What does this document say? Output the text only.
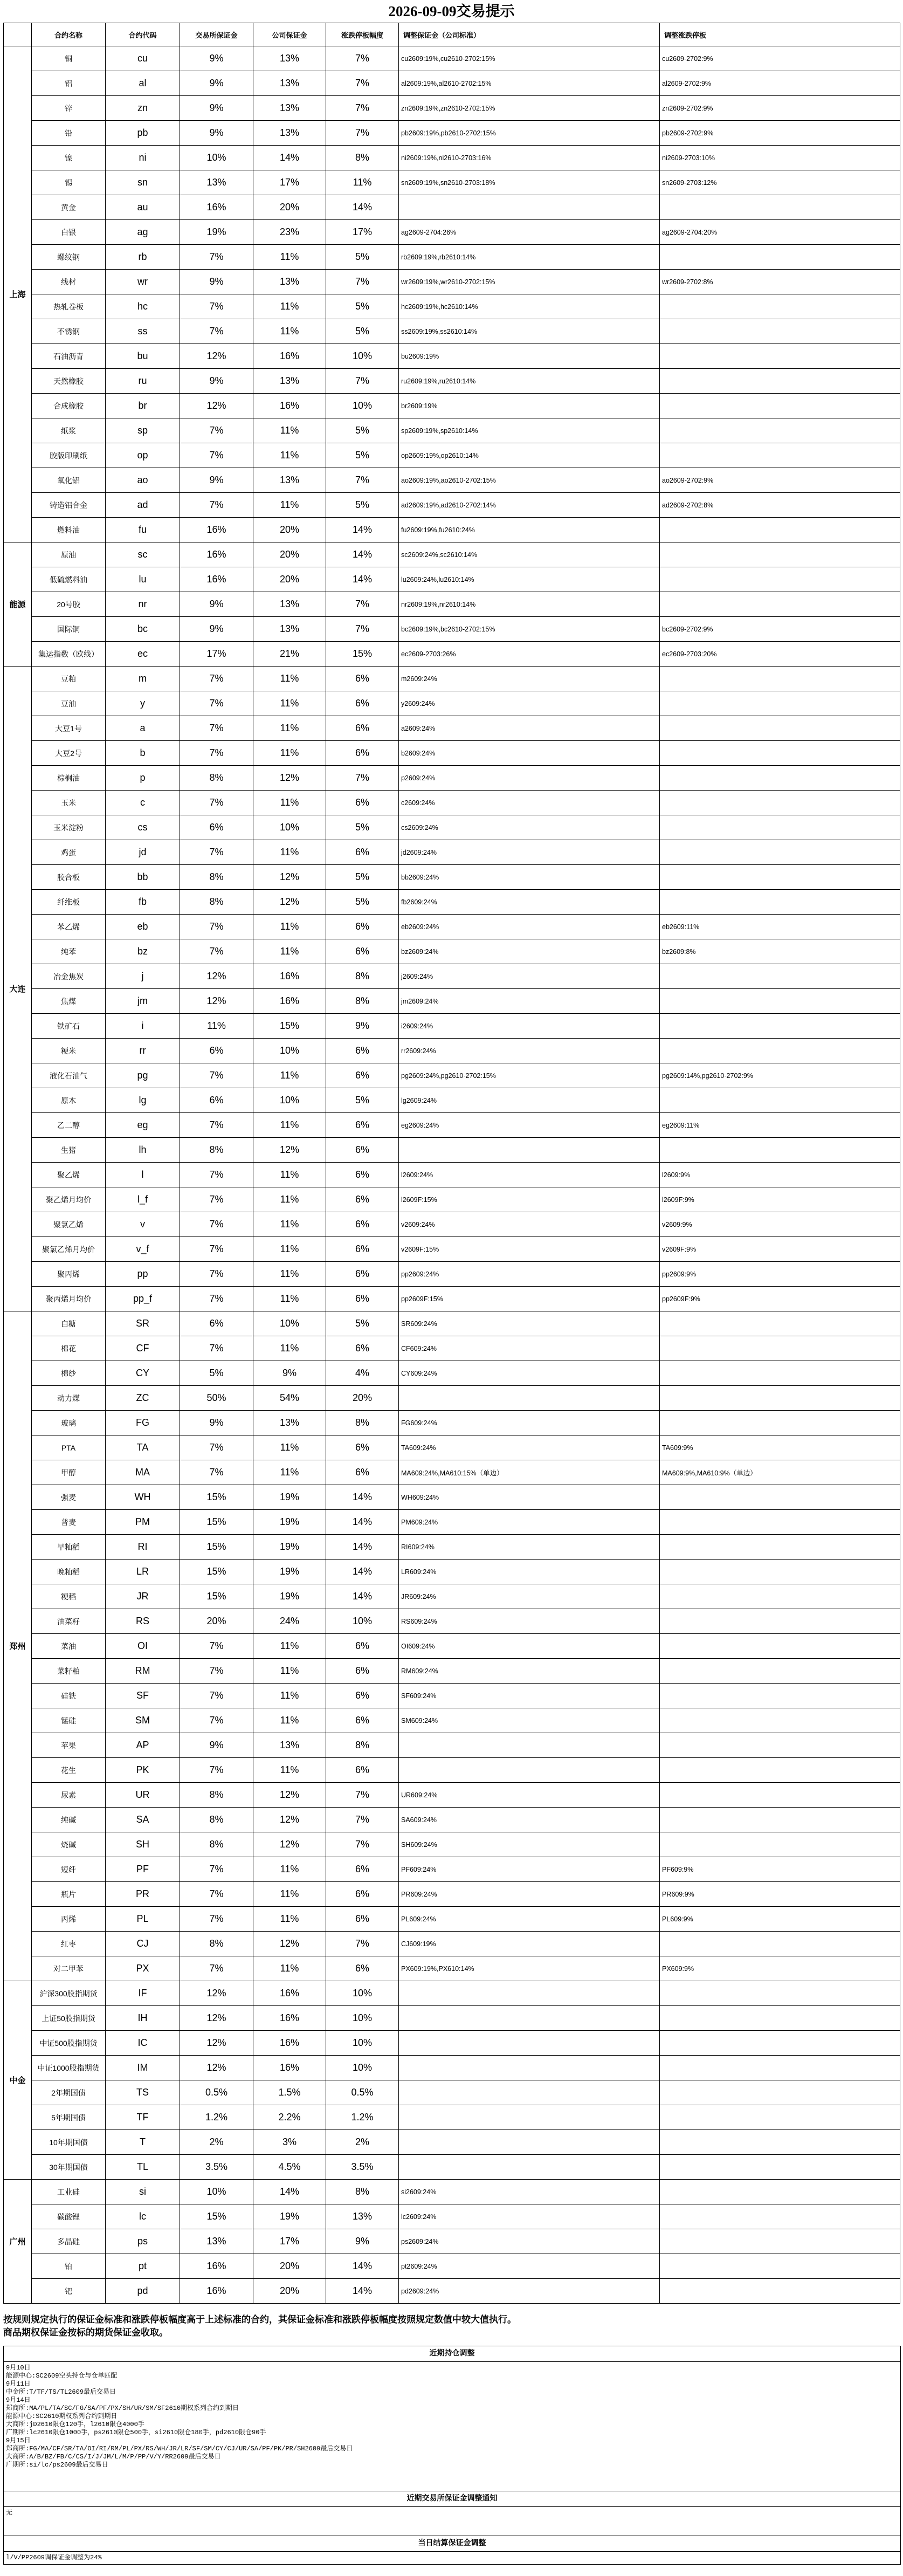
2026-09-09交易提示
	合约名称	合约代码	交易所保证金	公司保证金	涨跌停板幅度	调整保证金（公司标准）	调整涨跌停板
上海	铜	cu	9%	13%	7%	cu2609:19%,cu2610-2702:15%	cu2609-2702:9%
	铝	al	9%	13%	7%	al2609:19%,al2610-2702:15%	al2609-2702:9%
	锌	zn	9%	13%	7%	zn2609:19%,zn2610-2702:15%	zn2609-2702:9%
	铅	pb	9%	13%	7%	pb2609:19%,pb2610-2702:15%	pb2609-2702:9%
	镍	ni	10%	14%	8%	ni2609:19%,ni2610-2703:16%	ni2609-2703:10%
	锡	sn	13%	17%	11%	sn2609:19%,sn2610-2703:18%	sn2609-2703:12%
	黄金	au	16%	20%	14%		
	白银	ag	19%	23%	17%	ag2609-2704:26%	ag2609-2704:20%
	螺纹钢	rb	7%	11%	5%	rb2609:19%,rb2610:14%	
	线材	wr	9%	13%	7%	wr2609:19%,wr2610-2702:15%	wr2609-2702:8%
	热轧卷板	hc	7%	11%	5%	hc2609:19%,hc2610:14%	
	不锈钢	ss	7%	11%	5%	ss2609:19%,ss2610:14%	
	石油沥青	bu	12%	16%	10%	bu2609:19%	
	天然橡胶	ru	9%	13%	7%	ru2609:19%,ru2610:14%	
	合成橡胶	br	12%	16%	10%	br2609:19%	
	纸浆	sp	7%	11%	5%	sp2609:19%,sp2610:14%	
	胶版印刷纸	op	7%	11%	5%	op2609:19%,op2610:14%	
	氧化铝	ao	9%	13%	7%	ao2609:19%,ao2610-2702:15%	ao2609-2702:9%
	铸造铝合金	ad	7%	11%	5%	ad2609:19%,ad2610-2702:14%	ad2609-2702:8%
	燃料油	fu	16%	20%	14%	fu2609:19%,fu2610:24%	
能源	原油	sc	16%	20%	14%	sc2609:24%,sc2610:14%	
	低硫燃料油	lu	16%	20%	14%	lu2609:24%,lu2610:14%	
	20号胶	nr	9%	13%	7%	nr2609:19%,nr2610:14%	
	国际铜	bc	9%	13%	7%	bc2609:19%,bc2610-2702:15%	bc2609-2702:9%
	集运指数（欧线）	ec	17%	21%	15%	ec2609-2703:26%	ec2609-2703:20%
大连	豆粕	m	7%	11%	6%	m2609:24%	
	豆油	y	7%	11%	6%	y2609:24%	
	大豆1号	a	7%	11%	6%	a2609:24%	
	大豆2号	b	7%	11%	6%	b2609:24%	
	棕榈油	p	8%	12%	7%	p2609:24%	
	玉米	c	7%	11%	6%	c2609:24%	
	玉米淀粉	cs	6%	10%	5%	cs2609:24%	
	鸡蛋	jd	7%	11%	6%	jd2609:24%	
	胶合板	bb	8%	12%	5%	bb2609:24%	
	纤维板	fb	8%	12%	5%	fb2609:24%	
	苯乙烯	eb	7%	11%	6%	eb2609:24%	eb2609:11%
	纯苯	bz	7%	11%	6%	bz2609:24%	bz2609:8%
	冶金焦炭	j	12%	16%	8%	j2609:24%	
	焦煤	jm	12%	16%	8%	jm2609:24%	
	铁矿石	i	11%	15%	9%	i2609:24%	
	粳米	rr	6%	10%	6%	rr2609:24%	
	液化石油气	pg	7%	11%	6%	pg2609:24%,pg2610-2702:15%	pg2609:14%,pg2610-2702:9%
	原木	lg	6%	10%	5%	lg2609:24%	
	乙二醇	eg	7%	11%	6%	eg2609:24%	eg2609:11%
	生猪	lh	8%	12%	6%		
	聚乙烯	l	7%	11%	6%	l2609:24%	l2609:9%
	聚乙烯月均价	l_f	7%	11%	6%	l2609F:15%	l2609F:9%
	聚氯乙烯	v	7%	11%	6%	v2609:24%	v2609:9%
	聚氯乙烯月均价	v_f	7%	11%	6%	v2609F:15%	v2609F:9%
	聚丙烯	pp	7%	11%	6%	pp2609:24%	pp2609:9%
	聚丙烯月均价	pp_f	7%	11%	6%	pp2609F:15%	pp2609F:9%
郑州	白糖	SR	6%	10%	5%	SR609:24%	
	棉花	CF	7%	11%	6%	CF609:24%	
	棉纱	CY	5%	9%	4%	CY609:24%	
	动力煤	ZC	50%	54%	20%		
	玻璃	FG	9%	13%	8%	FG609:24%	
	PTA	TA	7%	11%	6%	TA609:24%	TA609:9%
	甲醇	MA	7%	11%	6%	MA609:24%,MA610:15%（单边）	MA609:9%,MA610:9%（单边）
	强麦	WH	15%	19%	14%	WH609:24%	
	普麦	PM	15%	19%	14%	PM609:24%	
	早籼稻	RI	15%	19%	14%	RI609:24%	
	晚籼稻	LR	15%	19%	14%	LR609:24%	
	粳稻	JR	15%	19%	14%	JR609:24%	
	油菜籽	RS	20%	24%	10%	RS609:24%	
	菜油	OI	7%	11%	6%	OI609:24%	
	菜籽粕	RM	7%	11%	6%	RM609:24%	
	硅铁	SF	7%	11%	6%	SF609:24%	
	锰硅	SM	7%	11%	6%	SM609:24%	
	苹果	AP	9%	13%	8%		
	花生	PK	7%	11%	6%		
	尿素	UR	8%	12%	7%	UR609:24%	
	纯碱	SA	8%	12%	7%	SA609:24%	
	烧碱	SH	8%	12%	7%	SH609:24%	
	短纤	PF	7%	11%	6%	PF609:24%	PF609:9%
	瓶片	PR	7%	11%	6%	PR609:24%	PR609:9%
	丙烯	PL	7%	11%	6%	PL609:24%	PL609:9%
	红枣	CJ	8%	12%	7%	CJ609:19%	
	对二甲苯	PX	7%	11%	6%	PX609:19%,PX610:14%	PX609:9%
中金	沪深300股指期货	IF	12%	16%	10%		
	上证50股指期货	IH	12%	16%	10%		
	中证500股指期货	IC	12%	16%	10%		
	中证1000股指期货	IM	12%	16%	10%		
	2年期国债	TS	0.5%	1.5%	0.5%		
	5年期国债	TF	1.2%	2.2%	1.2%		
	10年期国债	T	2%	3%	2%		
	30年期国债	TL	3.5%	4.5%	3.5%		
广州	工业硅	si	10%	14%	8%	si2609:24%	
	碳酸锂	lc	15%	19%	13%	lc2609:24%	
	多晶硅	ps	13%	17%	9%	ps2609:24%	
	铂	pt	16%	20%	14%	pt2609:24%	
	钯	pd	16%	20%	14%	pd2609:24%	
按规则规定执行的保证金标准和涨跌停板幅度高于上述标准的合约，其保证金标准和涨跌停板幅度按照规定数值中较大值执行。
商品期权保证金按标的期货保证金收取。
近期持仓调整
9月10日
能源中心:SC2609空头持仓与仓单匹配
9月11日
中金所:T/TF/TS/TL2609最后交易日
9月14日
郑商所:MA/PL/TA/SC/FG/SA/PF/PX/SH/UR/SM/SF2610期权系列合约到期日
能源中心:SC2610期权系列合约到期日
大商所:jD2610限仓120手，l2610限仓4000手
广期所:lc2610限仓1000手，ps2610限仓500手，si2610限仓180手，pd2610限仓90手
9月15日
郑商所:FG/MA/CF/SR/TA/OI/RI/RM/PL/PX/RS/WH/JR/LR/SF/SM/CY/CJ/UR/SA/PF/PK/PR/SH2609最后交易日
大商所:A/B/BZ/FB/C/CS/I/J/JM/L/M/P/PP/V/Y/RR2609最后交易日
广期所:si/lc/ps2609最后交易日
近期交易所保证金调整通知
无
当日结算保证金调整
l/V/PP2609调保证金调整为24%
